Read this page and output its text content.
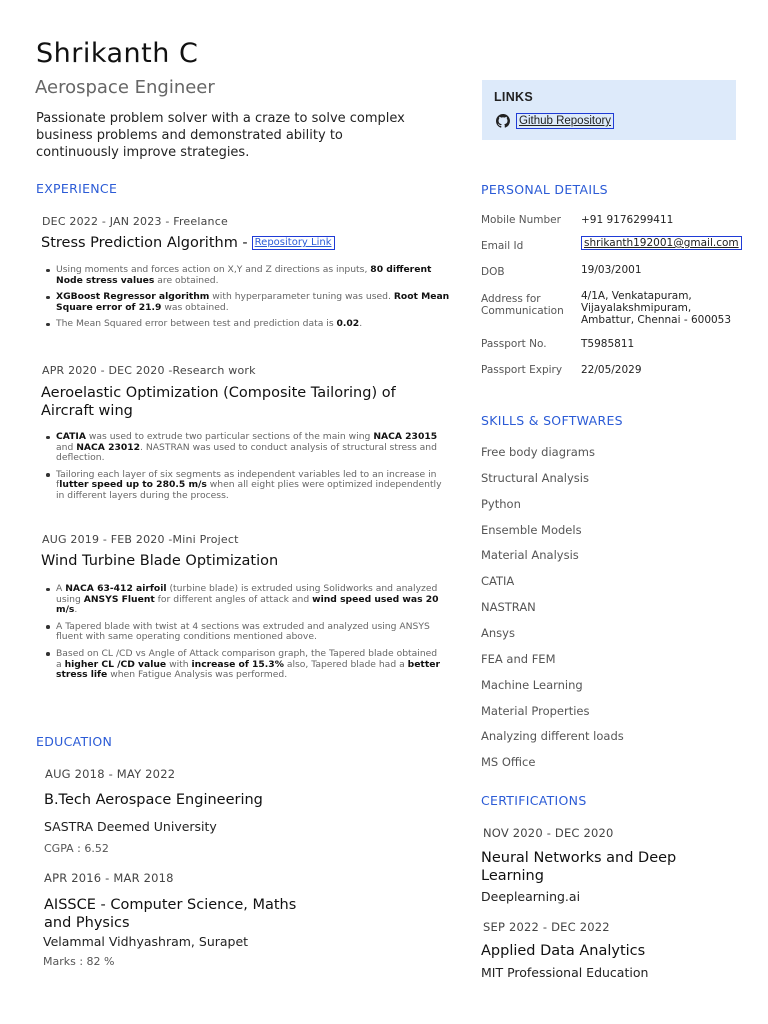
Shrikanth C
Aerospace Engineer
Passionate problem solver with a craze to solve complex business problems and demonstrated ability to continuously improve strategies.
LINKS
Github Repository
EXPERIENCE
DEC 2022 - JAN 2023 - Freelance
Stress Prediction Algorithm - Repository Link
Using moments and forces action on X,Y and Z directions as inputs, 80 different Node stress values are obtained.
XGBoost Regressor algorithm with hyperparameter tuning was used. Root Mean Square error of 21.9 was obtained.
The Mean Squared error between test and prediction data is 0.02.
APR 2020 - DEC 2020 -Research work
Aeroelastic Optimization (Composite Tailoring) of Aircraft wing
CATIA was used to extrude two particular sections of the main wing NACA 23015 and NACA 23012. NASTRAN was used to conduct analysis of structural stress and deflection.
Tailoring each layer of six segments as independent variables led to an increase in flutter speed up to 280.5 m/s when all eight plies were optimized independently in different layers during the process.
AUG 2019 - FEB 2020 -Mini Project
Wind Turbine Blade Optimization
A NACA 63-412 airfoil (turbine blade) is extruded using Solidworks and analyzed using ANSYS Fluent for different angles of attack and wind speed used was 20 m/s.
A Tapered blade with twist at 4 sections was extruded and analyzed using ANSYS fluent with same operating conditions mentioned above.
Based on CL /CD vs Angle of Attack comparison graph, the Tapered blade obtained a higher CL /CD value with increase of 15.3% also, Tapered blade had a better stress life when Fatigue Analysis was performed.
EDUCATION
AUG 2018 - MAY 2022
B.Tech Aerospace Engineering
SASTRA Deemed University
CGPA : 6.52
APR 2016 - MAR 2018
AISSCE - Computer Science, Maths and Physics
Velammal Vidhyashram, Surapet
Marks : 82 %
PERSONAL DETAILS
Mobile Number +91 9176299411
Email Id	shrikanth192001@gmail.com
DOB	19/03/2001
Address for Communication
4/1A, Venkatapuram, Vijayalakshmipuram, Ambattur, Chennai - 600053
Passport No.	T5985811
Passport Expiry 22/05/2029
SKILLS & SOFTWARES
Free body diagrams
Structural Analysis
Python
Ensemble Models
Material Analysis
CATIA
NASTRAN
Ansys
FEA and FEM
Machine Learning
Material Properties
Analyzing different loads
MS Office
CERTIFICATIONS
NOV 2020 - DEC 2020
Neural Networks and Deep Learning
Deeplearning.ai
SEP 2022 - DEC 2022
Applied Data Analytics
MIT Professional Education
